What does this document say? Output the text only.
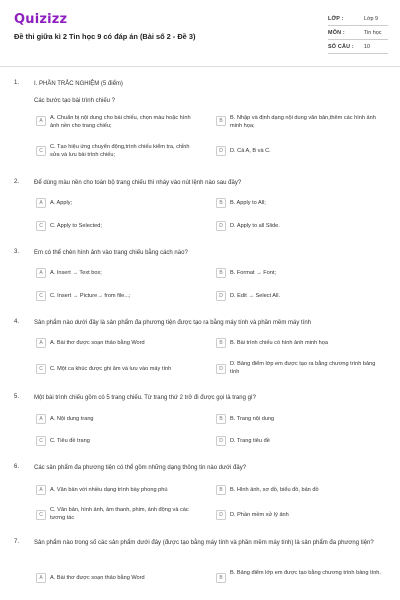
Quizizz
Đề thi giữa kì 2 Tin học 9 có đáp án (Bài số 2 - Đề 3)
LỚP :	Lớp 9
MÔN :	Tin học
SỐ CÂU : 10
1. I. PHẦN TRẮC NGHIỆM (5 điểm)
Các bước tạo bài trình chiếu ?
A	A. Chuẩn bị nội dung cho bài chiếu, chọn màu hoặc hình ảnh nền cho trang chiếu;
B	B. Nhập và định dạng nội dung văn bản,thêm các hình ảnh minh họa;
C
C. Tạo hiệu ứng chuyển động,trình chiếu kiểm tra, chỉnh sửa và lưu bài trình chiếu;
D	D. Cả A, B và C.
2. Để dùng màu nền cho toàn bộ trang chiếu thì nháy vào nút lệnh nào sau đây?
A	A. Apply;	B	B. Apply to All;
C	C. Apply to Selected;	D	D. Apply to all Slide.
3. Em có thể chèn hình ảnh vào trang chiếu bằng cách nào?
A	A. Insert → Text box;	B	B. Format → Font;
C	C. Insert → Picture→ from file...;	D	D. Edit → Select All.
4. Sản phẩm nào dưới đây là sản phẩm đa phương tiện được tạo ra bằng máy tính và phần mềm máy tính
A	A. Bài thơ được soạn thảo bằng Word	B	B. Bài trình chiếu có hình ảnh minh họa
C	C. Một ca khúc được ghi âm và lưu vào máy tính	D
D. Bảng điểm lớp em được tạo ra bằng chương trình bảng tính
5. Một bài trình chiếu gồm có 5 trang chiếu. Từ trang thứ 2 trở đi được gọi là trang gì?
A	A. Nội dung trang	B	B. Trang nội dung
C	C. Tiêu đề trang	D	D. Trang tiêu đề
6. Các sản phẩm đa phương tiện có thể gồm những dạng thông tin nào dưới đây?
A	A. Văn bản với nhiều dạng trình bày phong phú	B	B. Hình ảnh, sơ đồ, biểu đồ, bản đồ
C
C. Văn bản, hình ảnh, âm thanh, phim, ảnh động và các tương tác	D	D. Phần mềm xử lý ảnh
7. Sản phẩm nào trong số các sản phẩm dưới đây (được tạo bằng máy tính và phần mềm máy tính) là sản phẩm đa phương tiện?
A	A. Bài thơ được soạn thảo bằng Word	B
B. Bảng điểm lớp em được tạo bằng chương trình bảng tính.
